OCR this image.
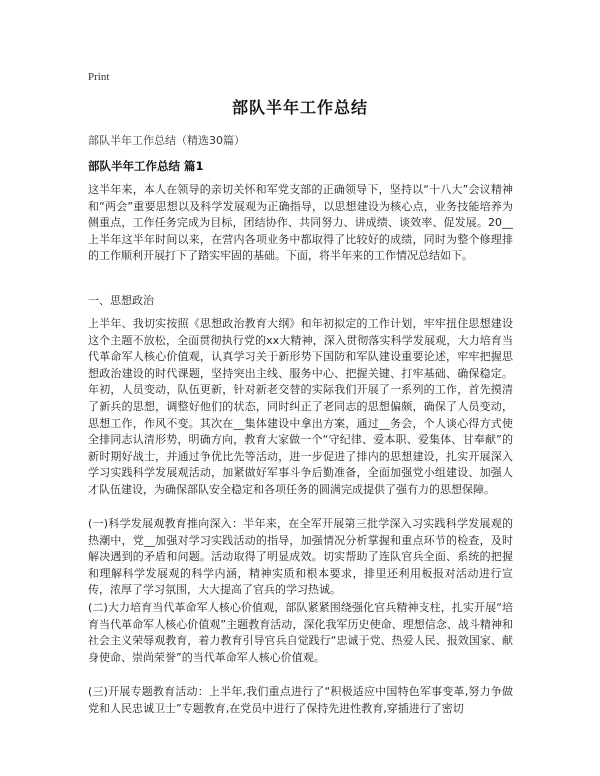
Print
部队半年工作总结
部队半年工作总结（精选30篇）
部队半年工作总结 篇1

这半年来，本人在领导的亲切关怀和军党支部的正确领导下，坚持以“十八大”会议精神和“两会”重要思想以及科学发展观为正确指导，以思想建设为核心点，业务技能培养为侧重点，工作任务完成为目标，团结协作、共同努力、讲成绩、谈效率、促发展。20__上半年这半年时间以来，在营内各项业务中都取得了比较好的成绩，同时为整个修理排的工作顺利开展打下了踏实牢固的基础。下面，将半年来的工作情况总结如下。

一、思想政治

上半年、我切实按照《思想政治教育大纲》和年初拟定的工作计划，牢牢扭住思想建设这个主题不放松，全面贯彻执行党的xx大精神，深入贯彻落实科学发展观，大力培育当代革命军人核心价值观，认真学习关于新形势下国防和军队建设重要论述，牢牢把握思想政治建设的时代课题，坚持突出主线、服务中心、把握关键、打牢基础、确保稳定。年初，人员变动，队伍更新，针对新老交替的实际我们开展了一系列的工作，首先摸清了新兵的思想，调整好他们的状态，同时纠正了老同志的思想偏颇，确保了人员变动，思想工作，作风不变。其次在__集体建设中拿出方案，通过__务会，个人谈心得方式使全排同志认清形势，明确方向，教育大家做一个“守纪律、爱本职、爱集体、甘奉献”的新时期好战士，并通过争优比先等活动，进一步促进了排内的思想建设，扎实开展深入学习实践科学发展观活动，加紧做好军事斗争后勤准备，全面加强党小组建设、加强人才队伍建设，为确保部队安全稳定和各项任务的圆满完成提供了强有力的思想保障。

(一)科学发展观教育推向深入：半年来，在全军开展第三批学深入习实践科学发展观的热潮中，党__加强对学习实践活动的指导，加强情况分析掌握和重点环节的检查，及时解决遇到的矛盾和问题。活动取得了明显成效。切实帮助了连队官兵全面、系统的把握和理解科学发展观的科学内涵，精神实质和根本要求，排里还利用板报对活动进行宣传，浓厚了学习氛围，大大提高了官兵的学习热诚。

(二)大力培育当代革命军人核心价值观，部队紧紧围绕强化官兵精神支柱，扎实开展“培育当代革命军人核心价值观”主题教育活动，深化我军历史使命、理想信念、战斗精神和社会主义荣辱观教育，着力教育引导官兵自觉践行“忠诚于党、热爱人民、报效国家、献身使命、崇尚荣誉”的当代革命军人核心价值观。

(三)开展专题教育活动：上半年,我们重点进行了“积极适应中国特色军事变革,努力争做党和人民忠诚卫士”专题教育,在党员中进行了保持先进性教育,穿插进行了密切
